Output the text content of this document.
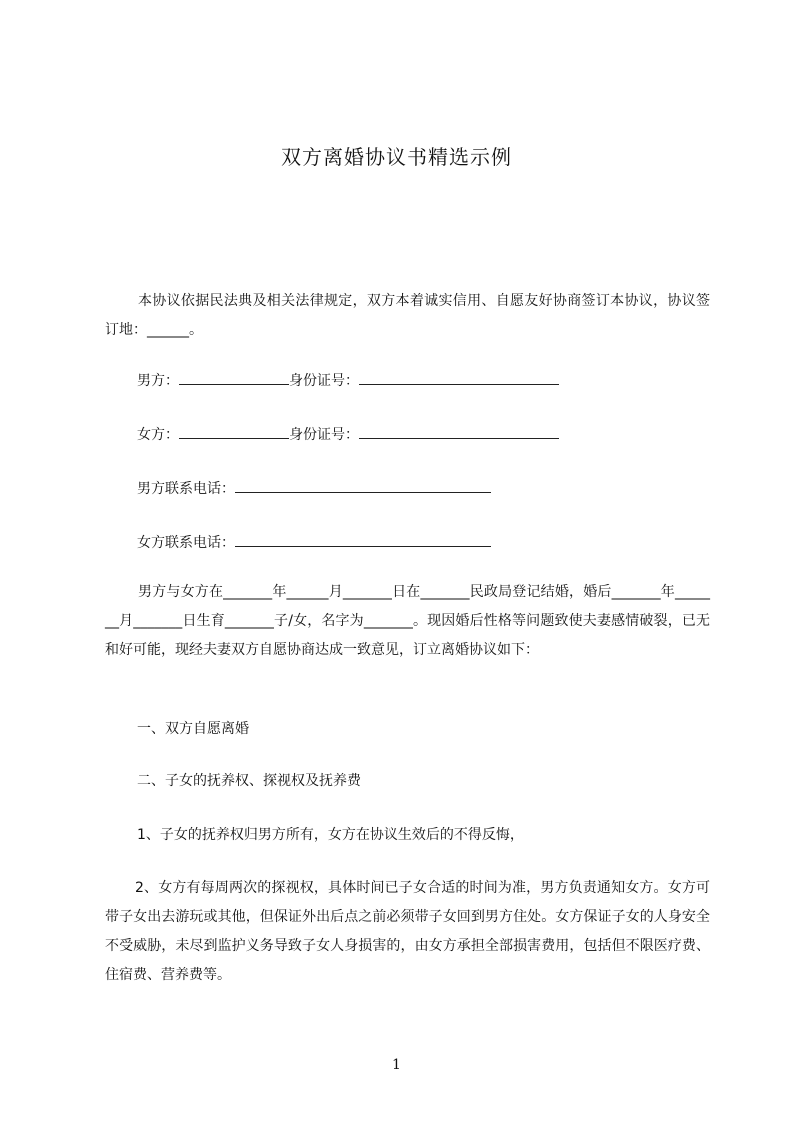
双方离婚协议书精选示例
本协议依据民法典及相关法律规定，双方本着诚实信用、自愿友好协商签订本协议，协议签订地：______。
男方：	身份证号：
女方：	身份证号：
男方联系电话：
女方联系电话：
男方与女方在_______年______月_______日在_______民政局登记结婚，婚后_______年_______月_______日生育_______子/女，名字为_______。现因婚后性格等问题致使夫妻感情破裂，已无和好可能，现经夫妻双方自愿协商达成一致意见，订立离婚协议如下：
一、双方自愿离婚
二、子女的抚养权、探视权及抚养费
1、子女的抚养权归男方所有，女方在协议生效后的不得反悔，
2、女方有每周两次的探视权，具体时间已子女合适的时间为准，男方负责通知女方。女方可带子女出去游玩或其他，但保证外出后点之前必须带子女回到男方住处。女方保证子女的人身安全不受威胁，未尽到监护义务导致子女人身损害的，由女方承担全部损害费用，包括但不限医疗费、住宿费、营养费等。
1
